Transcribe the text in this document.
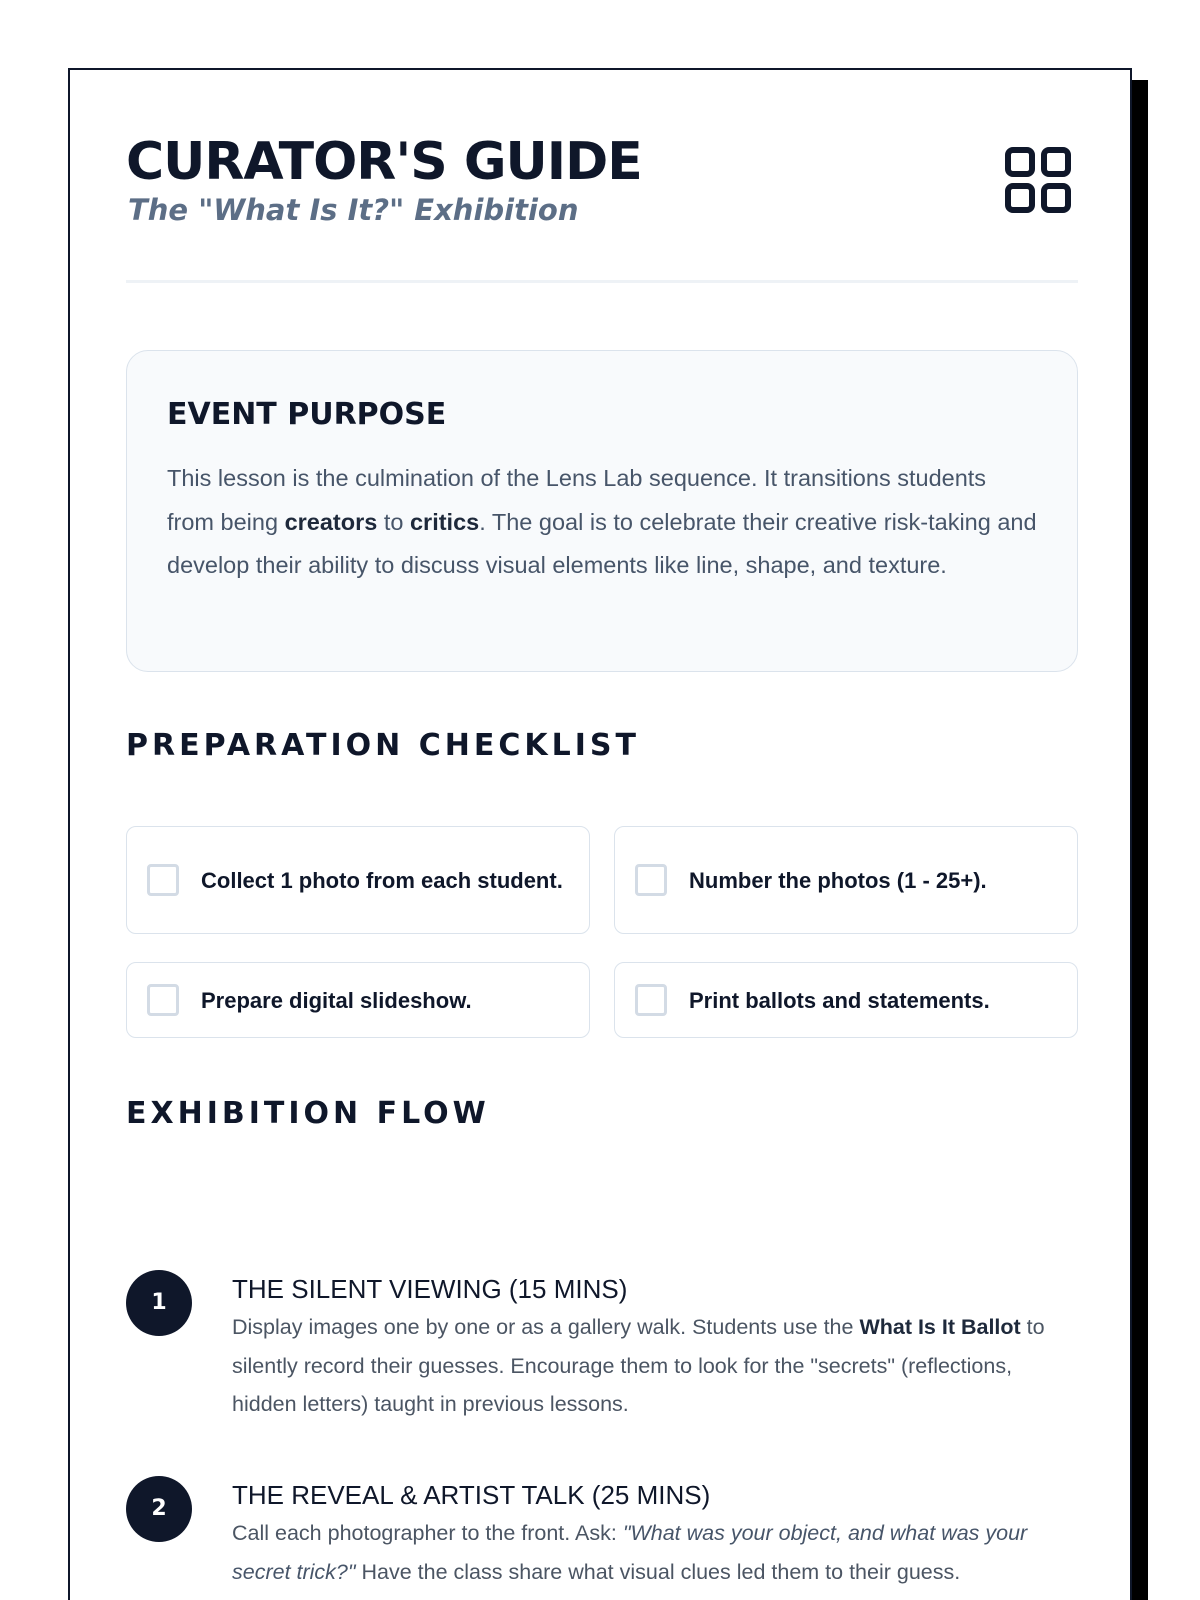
CURATOR'S GUIDE
The "What Is It?" Exhibition
EVENT PURPOSE

This lesson is the culmination of the Lens Lab sequence. It transitions students from being creators to critics. The goal is to celebrate their creative risk-taking and develop their ability to discuss visual elements like line, shape, and texture.

PREPARATION CHECKLIST
Collect 1 photo from each student.	Number the photos (1 - 25+).
Prepare digital slideshow.	Print ballots and statements.
EXHIBITION FLOW
1	THE SILENT VIEWING (15 MINS)

Display images one by one or as a gallery walk. Students use the What Is It Ballot to silently record their guesses. Encourage them to look for the "secrets" (reflections, hidden letters) taught in previous lessons.

2	THE REVEAL & ARTIST TALK (25 MINS)

Call each photographer to the front. Ask: "What was your object, and what was your secret trick?" Have the class share what visual clues led them to their guess.
